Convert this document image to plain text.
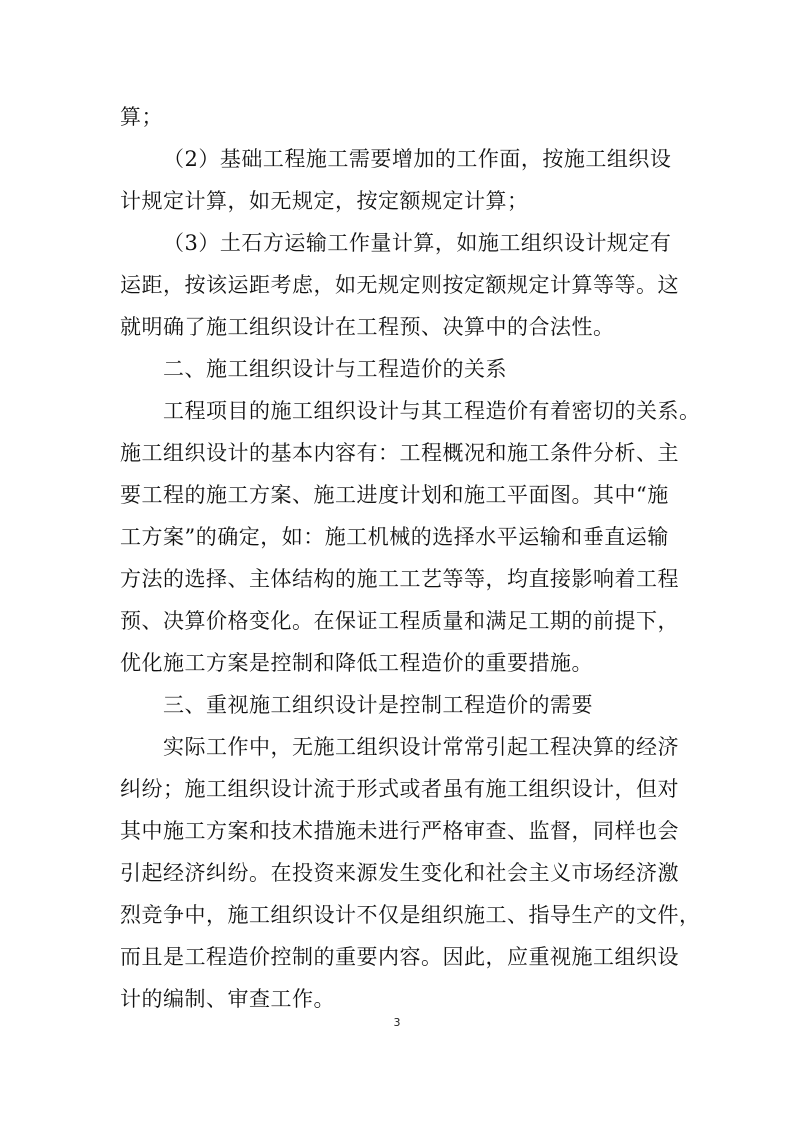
算；
（2）基础工程施工需要增加的工作面，按施工组织设
计规定计算，如无规定，按定额规定计算；
（3）土石方运输工作量计算，如施工组织设计规定有
运距，按该运距考虑，如无规定则按定额规定计算等等。这
就明确了施工组织设计在工程预、决算中的合法性。
二、施工组织设计与工程造价的关系
工程项目的施工组织设计与其工程造价有着密切的关系。
施工组织设计的基本内容有：工程概况和施工条件分析、主
要工程的施工方案、施工进度计划和施工平面图。其中“施
工方案”的确定，如：施工机械的选择水平运输和垂直运输
方法的选择、主体结构的施工工艺等等，均直接影响着工程
预、决算价格变化。在保证工程质量和满足工期的前提下，
优化施工方案是控制和降低工程造价的重要措施。
三、重视施工组织设计是控制工程造价的需要
实际工作中，无施工组织设计常常引起工程决算的经济
纠纷；施工组织设计流于形式或者虽有施工组织设计，但对
其中施工方案和技术措施未进行严格审查、监督，同样也会
引起经济纠纷。在投资来源发生变化和社会主义市场经济激
烈竞争中，施工组织设计不仅是组织施工、指导生产的文件，
而且是工程造价控制的重要内容。因此，应重视施工组织设
计的编制、审查工作。
3
